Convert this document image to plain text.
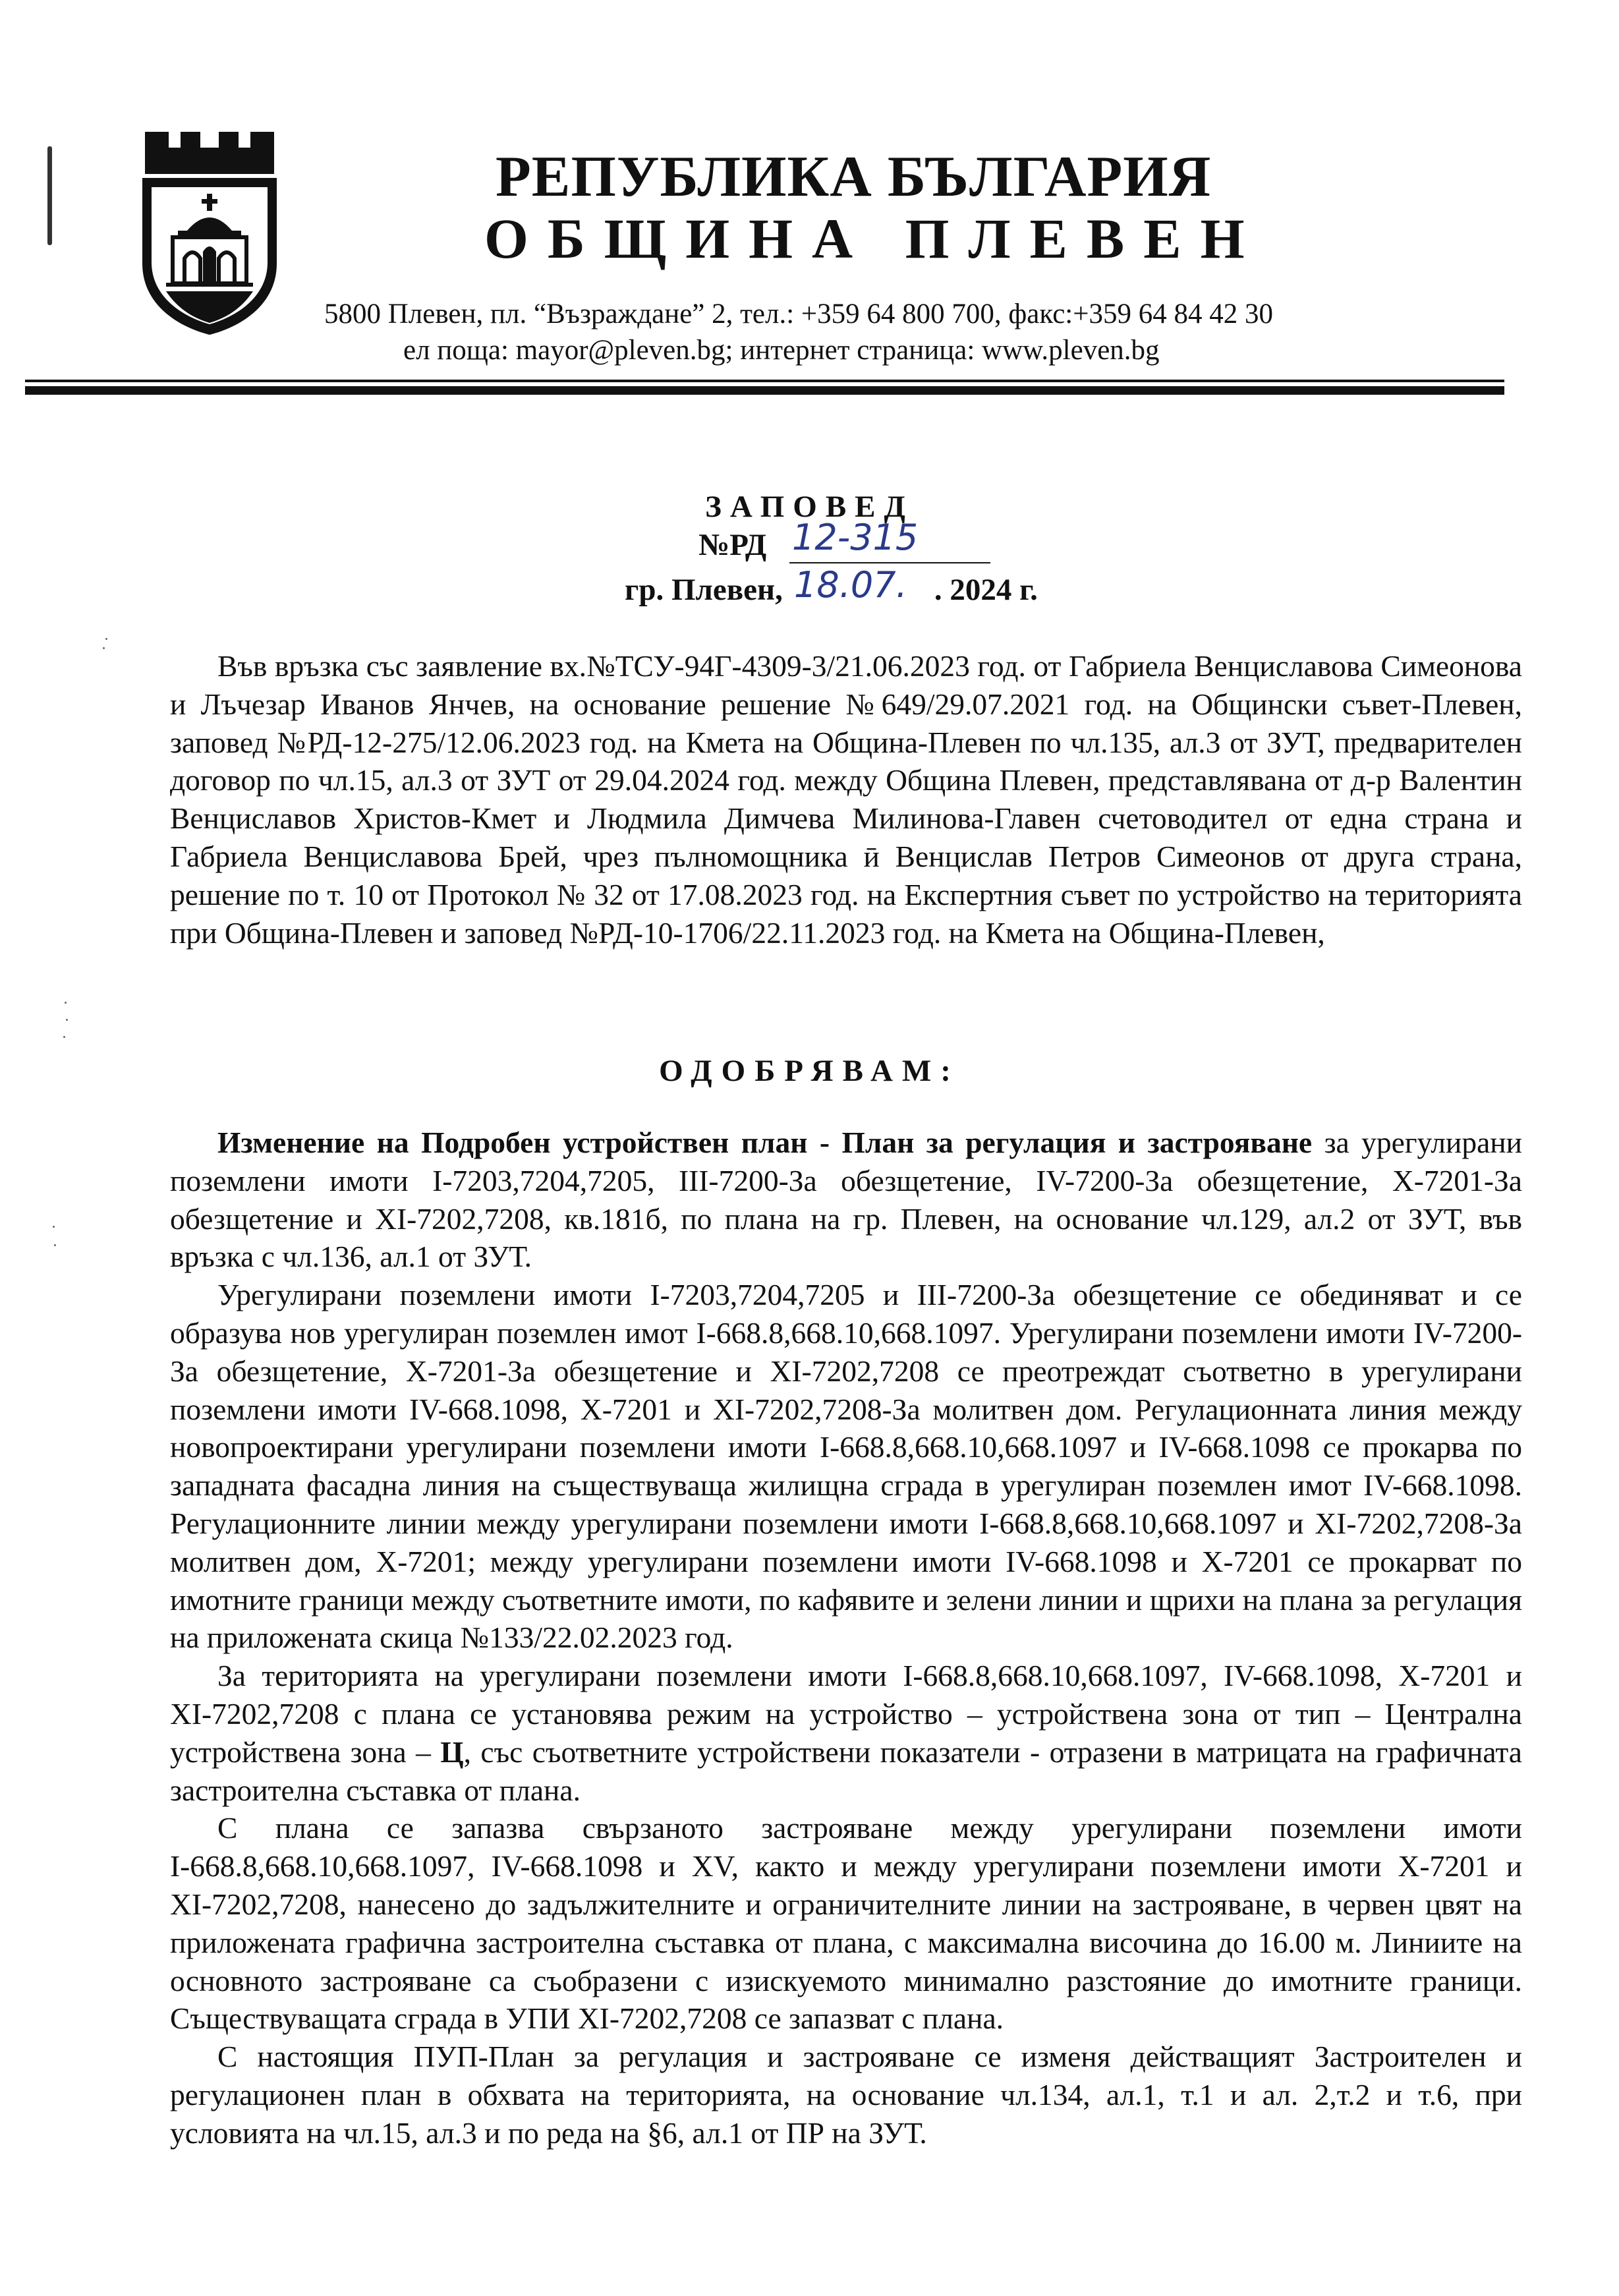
РЕПУБЛИКА БЪЛГАРИЯ
ОБЩИНА ПЛЕВЕН
5800 Плевен, пл. “Възраждане” 2, тел.: +359 64 800 700, факс:+359 64 84 42 30
ел поща: mayor@pleven.bg; интернет страница: www.pleven.bg
ЗАПОВЕД
№РД 12-315
гр. Плевен,	. 2024 г.
18.07.

Във връзка със заявление вх.№ТСУ-94Г-4309-3/21.06.2023 год. от Габриела Венциславова Симеонова и Лъчезар Иванов Янчев, на основание решение №649/29.07.2021 год. на Общински съвет-Плевен, заповед №РД-12-275/12.06.2023 год. на Кмета на Община-Плевен по чл.135, ал.3 от ЗУТ, предварителен договор по чл.15, ал.3 от ЗУТ от 29.04.2024 год. между Община Плевен, представлявана от д-р Валентин Венциславов Христов-Кмет и Людмила Димчева Милинова-Главен счетоводител от една страна и Габриела Венциславова Брей, чрез пълномощника ӣ Венцислав Петров Симеонов от друга страна, решение по т. 10 от Протокол № 32 от 17.08.2023 год. на Експертния съвет по устройство на територията при Община-Плевен и заповед №РД-10-1706/22.11.2023 год. на Кмета на Община-Плевен,

ОДОБРЯВАМ:

Изменение на Подробен устройствен план - План за регулация и застрояване за урегулирани поземлени имоти І-7203,7204,7205, ІІІ-7200-За обезщетение, ІV-7200-За обезщетение, Х-7201-За обезщетение и ХІ-7202,7208, кв.181б, по плана на гр. Плевен, на основание чл.129, ал.2 от ЗУТ, във връзка с чл.136, ал.1 от ЗУТ.

Урегулирани поземлени имоти І-7203,7204,7205 и ІІІ-7200-За обезщетение се обединяват и се образува нов урегулиран поземлен имот І-668.8,668.10,668.1097. Урегулирани поземлени имоти ІV-7200-За обезщетение, Х-7201-За обезщетение и ХІ-7202,7208 се преотреждат съответно в урегулирани поземлени имоти ІV-668.1098, Х-7201 и ХІ-7202,7208-За молитвен дом. Регулационната линия между новопроектирани урегулирани поземлени имоти І-668.8,668.10,668.1097 и ІV-668.1098 се прокарва по западната фасадна линия на съществуваща жилищна сграда в урегулиран поземлен имот ІV-668.1098. Регулационните линии между урегулирани поземлени имоти І-668.8,668.10,668.1097 и ХІ-7202,7208-За молитвен дом, Х-7201; между урегулирани поземлени имоти ІV-668.1098 и Х-7201 се прокарват по имотните граници между съответните имоти, по кафявите и зелени линии и щрихи на плана за регулация на приложената скица №133/22.02.2023 год.

За територията на урегулирани поземлени имоти І-668.8,668.10,668.1097, ІV-668.1098, Х-7201 и ХІ-7202,7208 с плана се установява режим на устройство – устройствена зона от тип – Централна устройствена зона – Ц, със съответните устройствени показатели - отразени в матрицата на графичната застроителна съставка от плана.

С плана се запазва свързаното застрояване между урегулирани поземлени имоти І-668.8,668.10,668.1097, ІV-668.1098 и ХV, както и между урегулирани поземлени имоти Х-7201 и ХІ-7202,7208, нанесено до задължителните и ограничителните линии на застрояване, в червен цвят на приложената графична застроителна съставка от плана, с максимална височина до 16.00 м. Линиите на основното застрояване са съобразени с изискуемото минимално разстояние до имотните граници. Съществуващата сграда в УПИ ХІ-7202,7208 се запазват с плана.

С настоящия ПУП-План за регулация и застрояване се изменя действащият Застроителен и регулационен план в обхвата на територията, на основание чл.134, ал.1, т.1 и ал. 2,т.2 и т.6, при условията на чл.15, ал.3 и по реда на §6, ал.1 от ПР на ЗУТ.
